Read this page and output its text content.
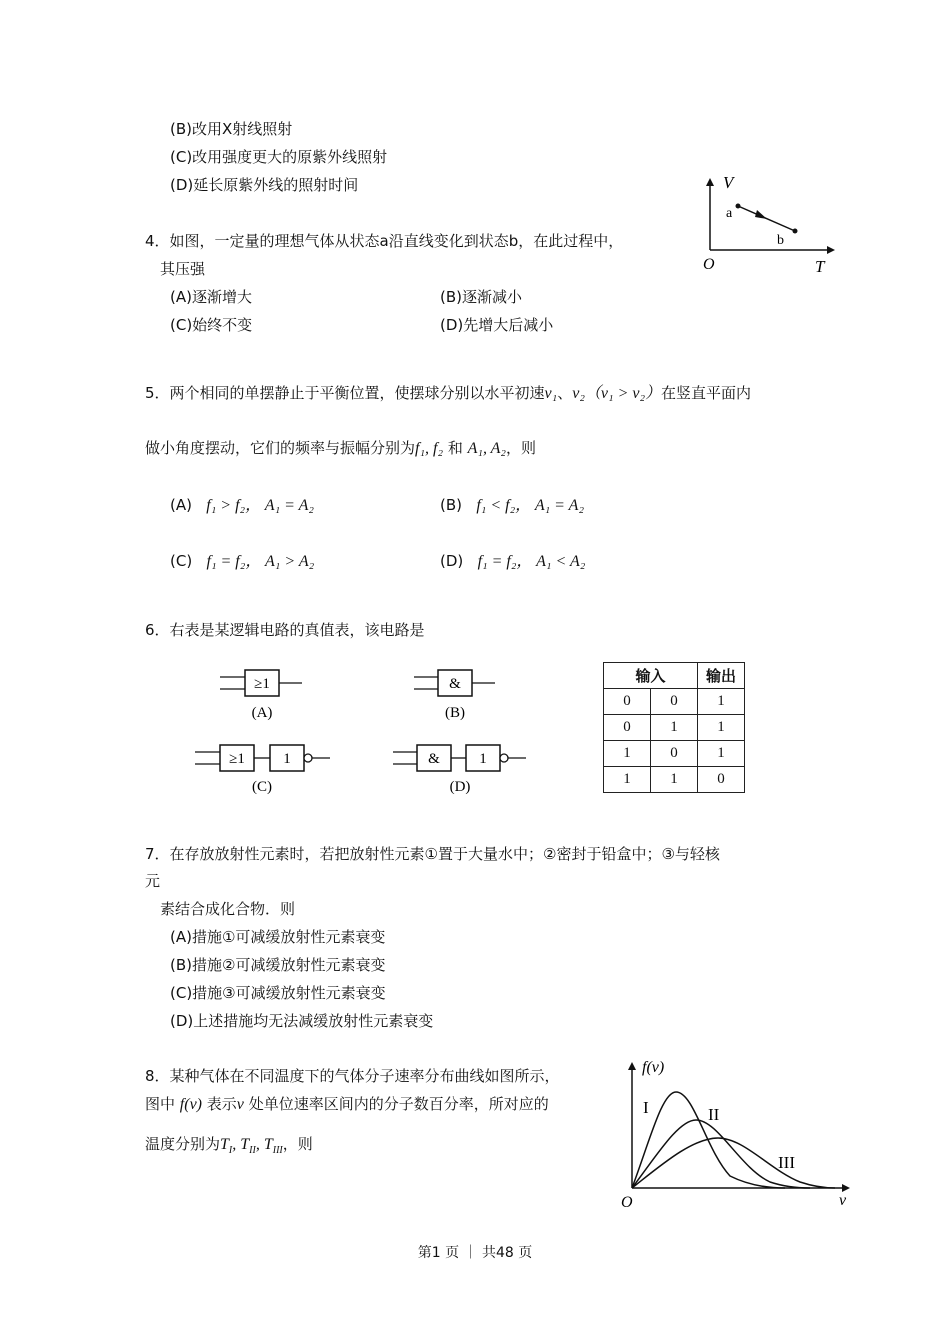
(B)改用X射线照射
(C)改用强度更大的原紫外线照射
(D)延长原紫外线的照射时间
4．如图，一定量的理想气体从状态a沿直线变化到状态b，在此过程中，
其压强
(A)逐渐增大	(B)逐渐减小
(C)始终不变	(D)先增大后减小
V
T
O
a
b
5．两个相同的单摆静止于平衡位置，使摆球分别以水平初速v₁、v₂（v₁ > v₂）在竖直平面内
做小角度摆动，它们的频率与振幅分别为f₁, f₂ 和 A₁, A₂，则
(A) f₁ > f₂， A₁ = A₂	(B) f₁ < f₂， A₁ = A₂
(C) f₁ = f₂， A₁ > A₂	(D) f₁ = f₂， A₁ < A₂
6．右表是某逻辑电路的真值表，该电路是
≥1
(A)
&
(B)
≥1	1
(C)
&	1
(D)
输入		输出
0	0	1
0	1	1
1	0	1
1	1	0
7．在存放放射性元素时，若把放射性元素①置于大量水中；②密封于铅盒中；③与轻核
元
素结合成化合物．则
(A)措施①可减缓放射性元素衰变
(B)措施②可减缓放射性元素衰变
(C)措施③可减缓放射性元素衰变
(D)上述措施均无法减缓放射性元素衰变
8．某种气体在不同温度下的气体分子速率分布曲线如图所示，
图中 f(v) 表示v 处单位速率区间内的分子数百分率，所对应的
温度分别为$T_I$, $T_{II}$, $T_{III}$，则
f(v)
v
O
I	II
III
第1 页 ｜ 共48 页
